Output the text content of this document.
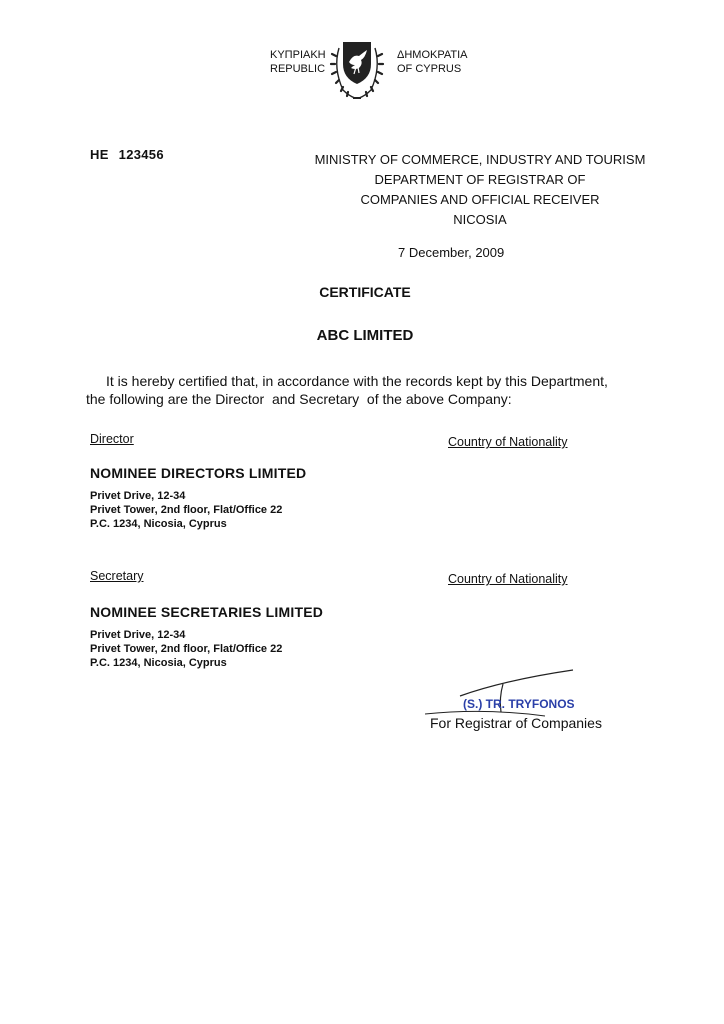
ΚΥΠΡΙΑΚΗ
REPUBLIC
ΔΗΜΟΚΡΑΤΙΑ
OF CYPRUS
HE 123456	MINISTRY OF COMMERCE, INDUSTRY AND TOURISM
DEPARTMENT OF REGISTRAR OF
COMPANIES AND OFFICIAL RECEIVER
NICOSIA
7 December, 2009
CERTIFICATE
ABC LIMITED
It is hereby certified that, in accordance with the records kept by this Department,
the following are the Director  and Secretary  of the above Company:
Director	Country of Nationality
NOMINEE DIRECTORS LIMITED
Privet Drive, 12-34
Privet Tower, 2nd floor, Flat/Office 22
P.C. 1234, Nicosia, Cyprus
Secretary	Country of Nationality
NOMINEE SECRETARIES LIMITED
Privet Drive, 12-34
Privet Tower, 2nd floor, Flat/Office 22
P.C. 1234, Nicosia, Cyprus
(S.) TR. TRYFONOS
For Registrar of Companies
